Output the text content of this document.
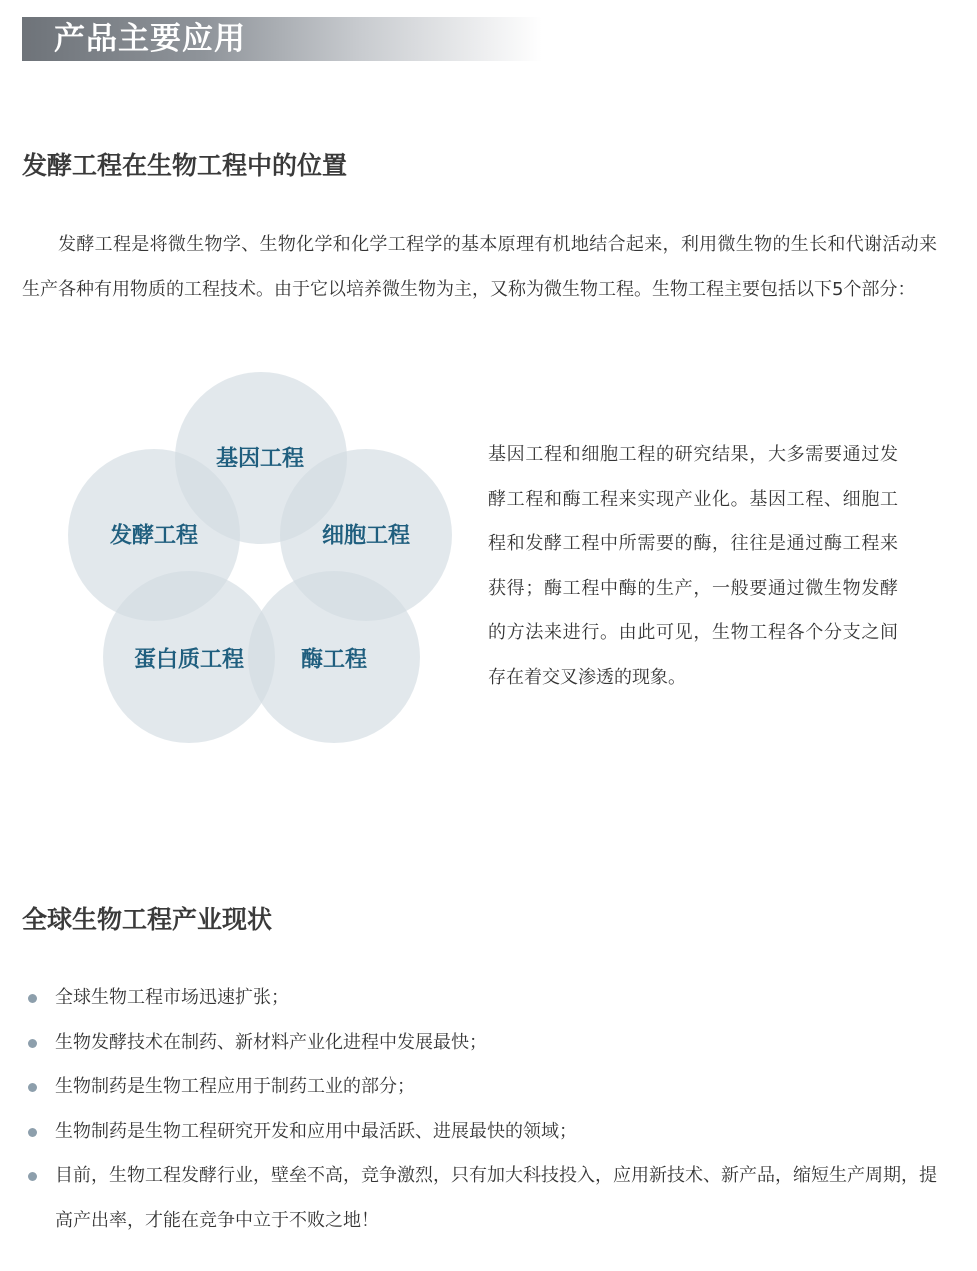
产品主要应用
发酵工程在生物工程中的位置

发酵工程是将微生物学、生物化学和化学工程学的基本原理有机地结合起来，利用微生物的生长和代谢活动来生产各种有用物质的工程技术。由于它以培养微生物为主，又称为微生物工程。生物工程主要包括以下5个部分：

基因工程
发酵工程	细胞工程
蛋白质工程	酶工程

基因工程和细胞工程的研究结果，大多需要通过发酵工程和酶工程来实现产业化。基因工程、细胞工程和发酵工程中所需要的酶，往往是通过酶工程来获得；酶工程中酶的生产，一般要通过微生物发酵的方法来进行。由此可见，生物工程各个分支之间存在着交叉渗透的现象。

全球生物工程产业现状
全球生物工程市场迅速扩张；
生物发酵技术在制药、新材料产业化进程中发展最快；
生物制药是生物工程应用于制药工业的部分；
生物制药是生物工程研究开发和应用中最活跃、进展最快的领域；
目前，生物工程发酵行业，壁垒不高，竞争激烈，只有加大科技投入，应用新技术、新产品，缩短生产周期，提高产出率，才能在竞争中立于不败之地！
